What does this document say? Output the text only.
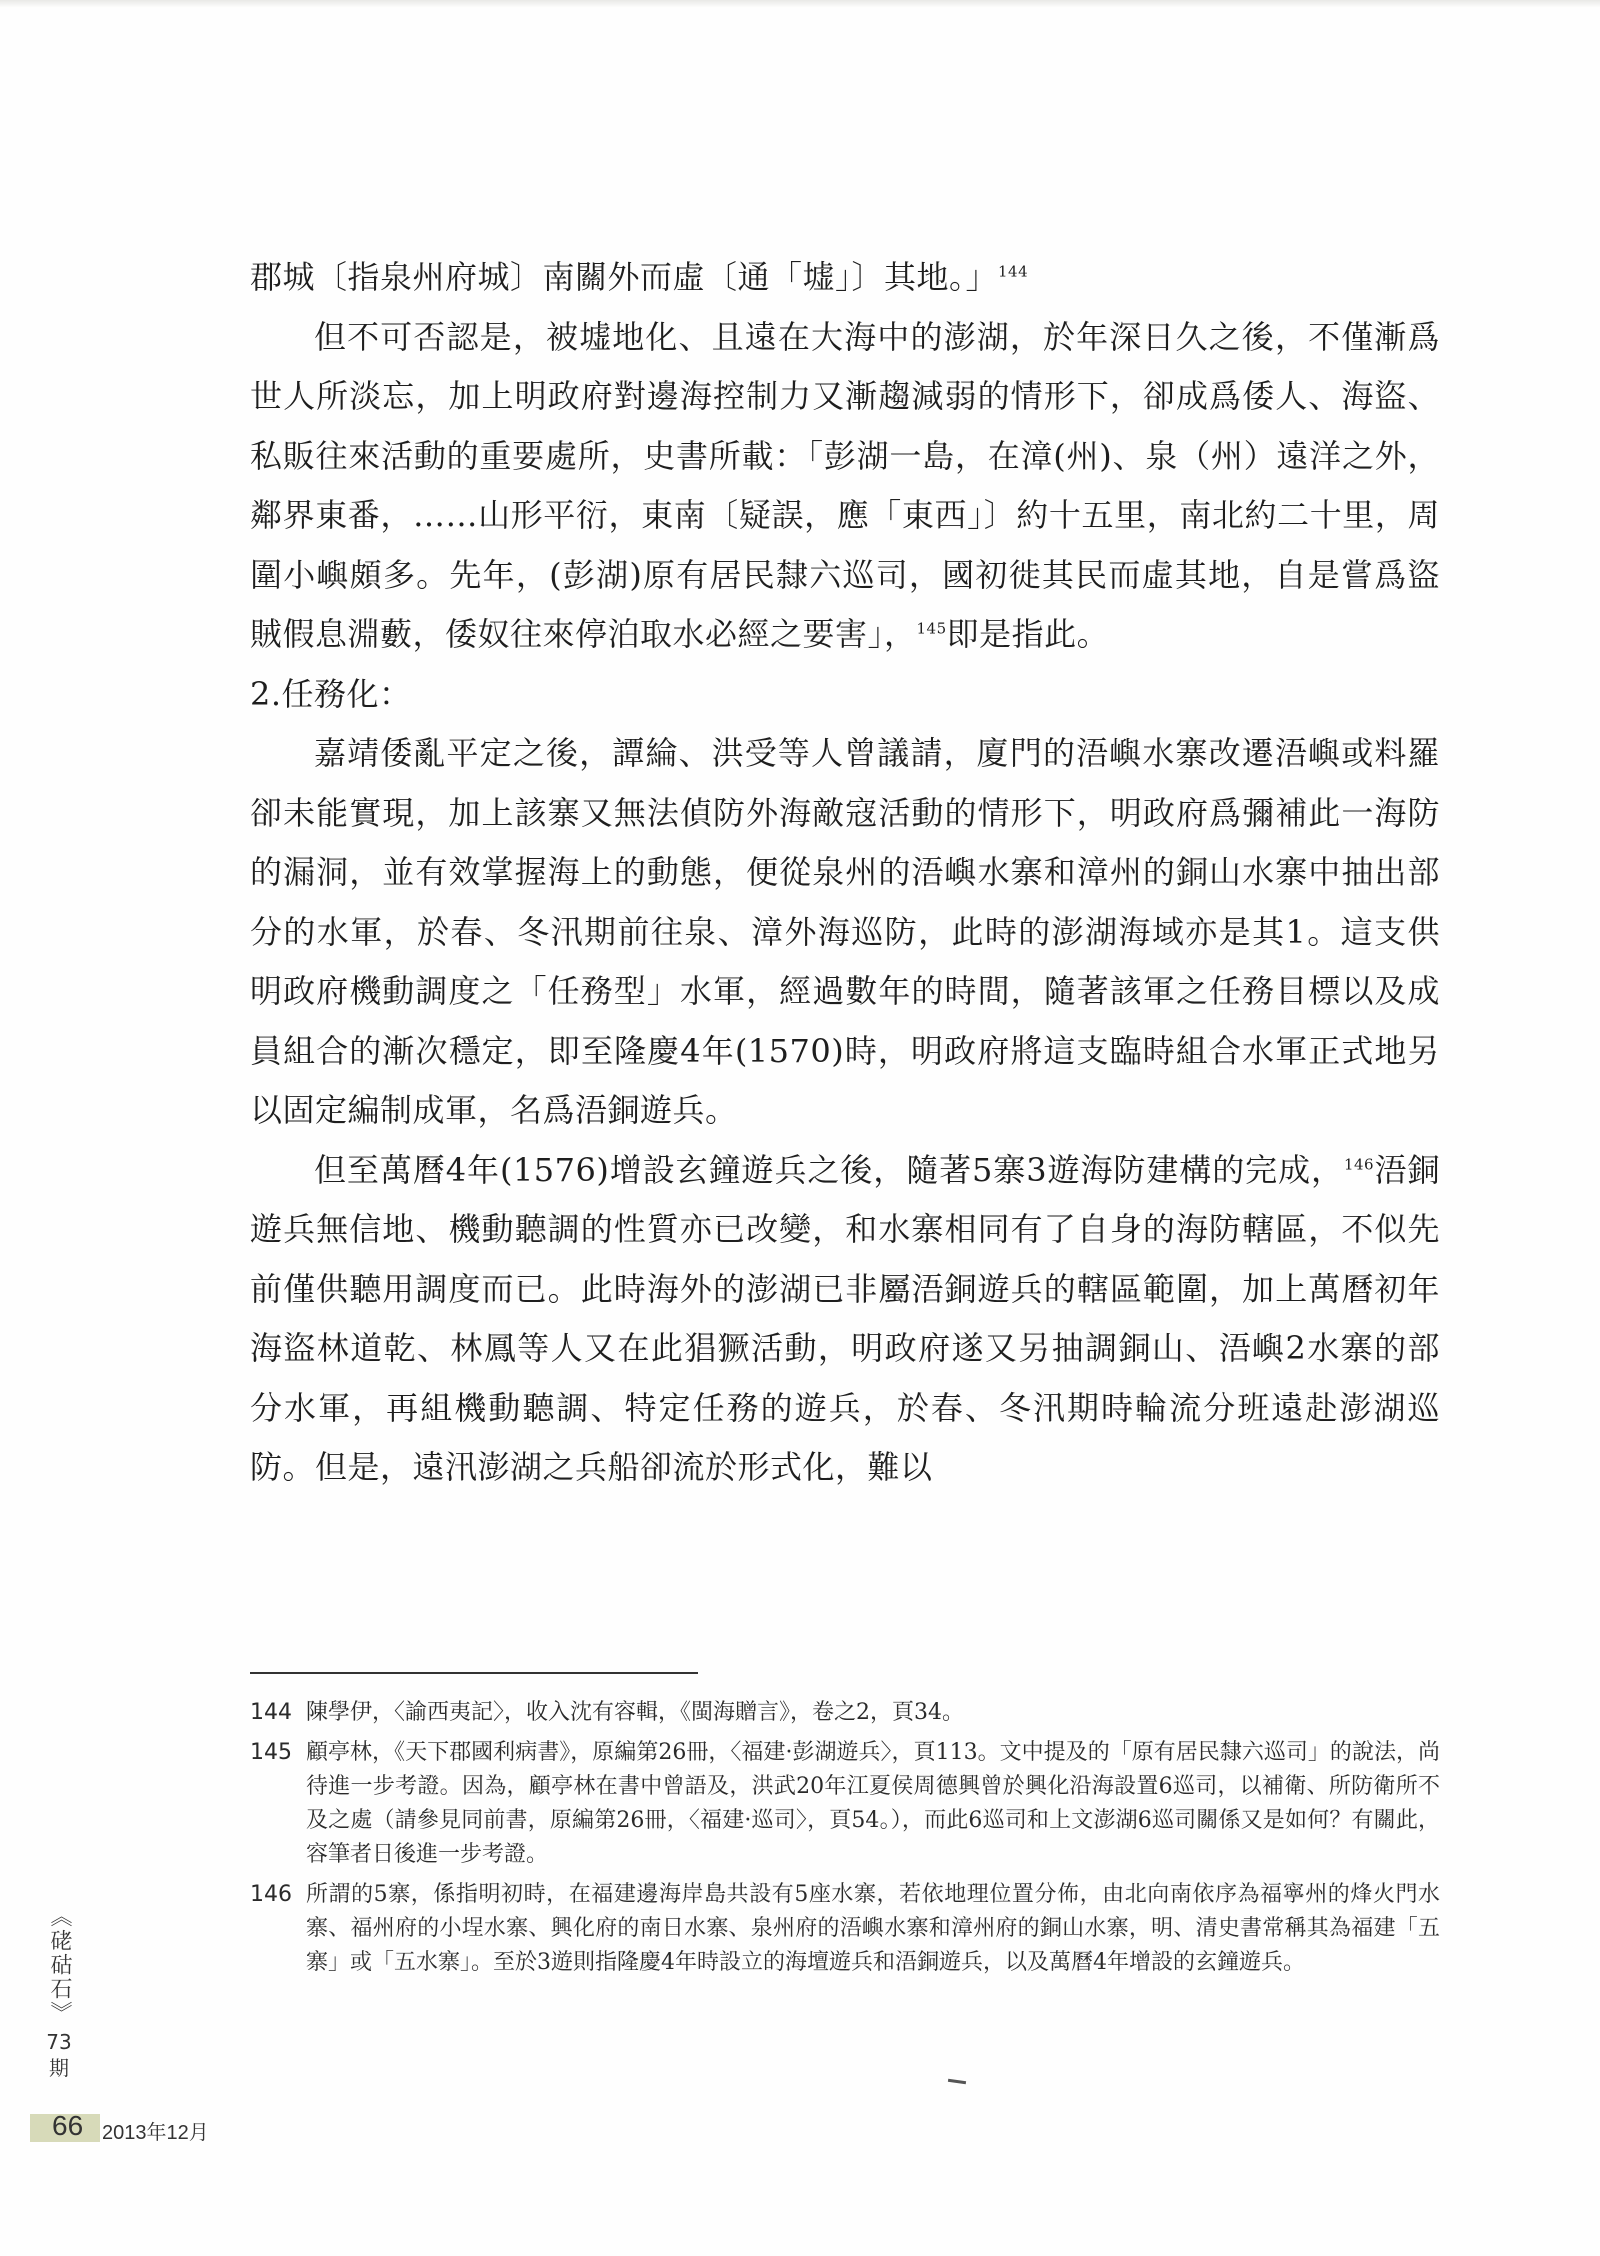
郡城〔指泉州府城〕南關外而虛〔通「墟」〕其地。」$^{144}$

但不可否認是，被墟地化、且遠在大海中的澎湖，於年深日久之後，不僅漸爲世人所淡忘，加上明政府對邊海控制力又漸趨減弱的情形下，卻成爲倭人、海盜、私販往來活動的重要處所，史書所載：「彭湖一島，在漳(州)、泉（州）遠洋之外，鄰界東番，……山形平衍，東南〔疑誤，應「東西」〕約十五里，南北約二十里，周圍小嶼頗多。先年，(彭湖)原有居民隸六巡司，國初徙其民而虛其地，自是嘗爲盜賊假息淵藪，倭奴往來停泊取水必經之要害」，$^{145}$即是指此。

2.任務化：

嘉靖倭亂平定之後，譚綸、洪受等人曾議請，廈門的浯嶼水寨改遷浯嶼或料羅卻未能實現，加上該寨又無法偵防外海敵寇活動的情形下，明政府爲彌補此一海防的漏洞，並有效掌握海上的動態，便從泉州的浯嶼水寨和漳州的銅山水寨中抽出部分的水軍，於春、冬汛期前往泉、漳外海巡防，此時的澎湖海域亦是其1。這支供明政府機動調度之「任務型」水軍，經過數年的時間，隨著該軍之任務目標以及成員組合的漸次穩定，即至隆慶4年(1570)時，明政府將這支臨時組合水軍正式地另以固定編制成軍，名爲浯銅遊兵。

但至萬曆4年(1576)增設玄鐘遊兵之後，隨著5寨3遊海防建構的完成，$^{146}$浯銅遊兵無信地、機動聽調的性質亦已改變，和水寨相同有了自身的海防轄區，不似先前僅供聽用調度而已。此時海外的澎湖已非屬浯銅遊兵的轄區範圍，加上萬曆初年海盜林道乾、林鳳等人又在此猖獗活動，明政府遂又另抽調銅山、浯嶼2水寨的部分水軍，再組機動聽調、特定任務的遊兵，於春、冬汛期時輪流分班遠赴澎湖巡防。但是，遠汛澎湖之兵船卻流於形式化，難以

144 陳學伊，〈諭西夷記〉，收入沈有容輯，《閩海贈言》，卷之2，頁34。
145 顧亭林，《天下郡國利病書》，原編第26冊，〈福建·彭湖遊兵〉，頁113。文中提及的「原有居民隸六巡司」的說法，尚待進一步考證。因為，顧亭林在書中曾語及，洪武20年江夏侯周德興曾於興化沿海設置6巡司，以補衛、所防衛所不及之處（請參見同前書，原編第26冊，〈福建·巡司〉，頁54。），而此6巡司和上文澎湖6巡司關係又是如何？有關此，容筆者日後進一步考證。
146 所謂的5寨，係指明初時，在福建邊海岸島共設有5座水寨，若依地理位置分佈，由北向南依序為福寧州的烽火門水寨、福州府的小埕水寨、興化府的南日水寨、泉州府的浯嶼水寨和漳州府的銅山水寨，明、清史書常稱其為福建「五寨」或「五水寨」。至於3遊則指隆慶4年時設立的海壇遊兵和浯銅遊兵，以及萬曆4年增設的玄鐘遊兵。
《硓𥑮石》
73期
66 2013年12月
